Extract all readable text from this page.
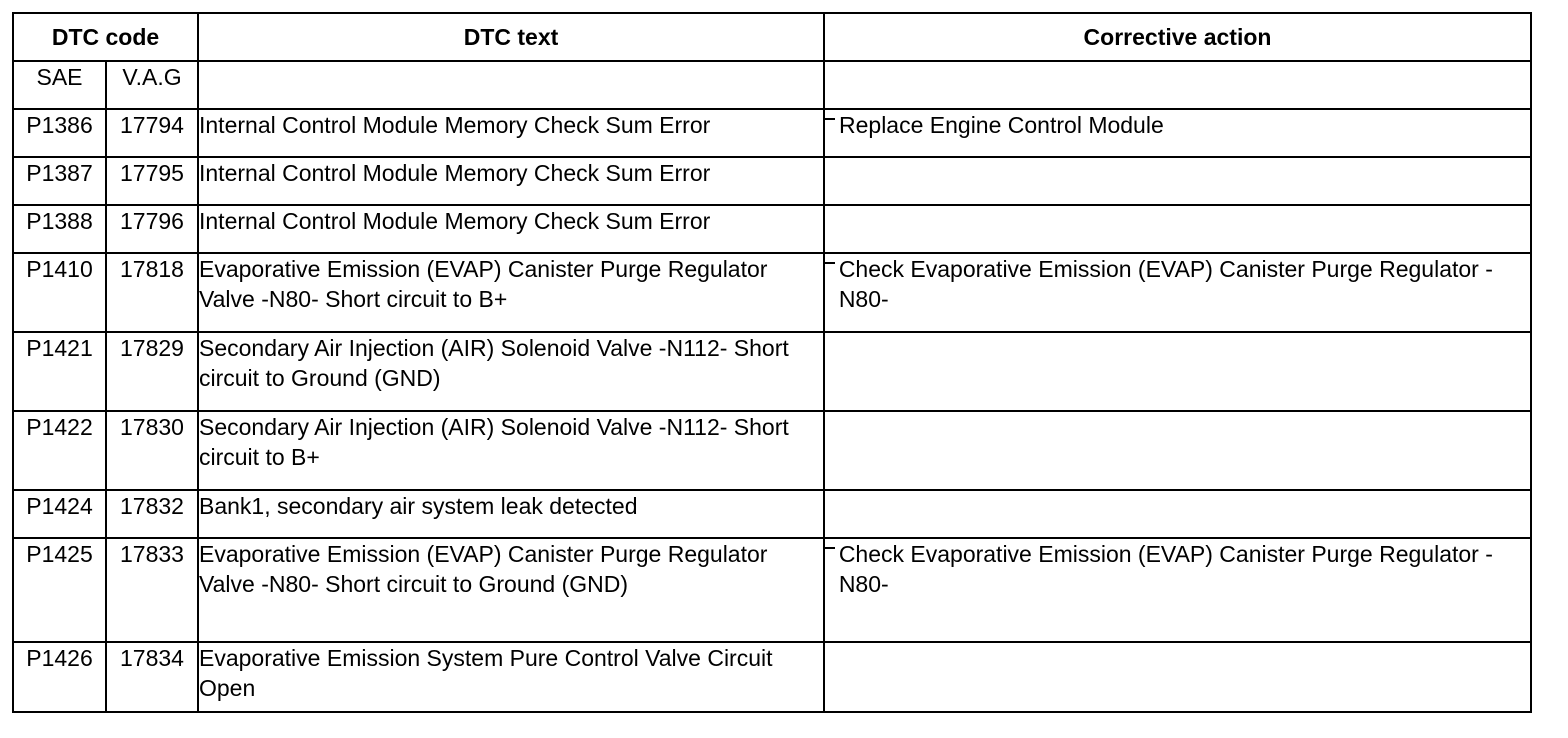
DTC code		DTC text	Corrective action
SAE	V.A.G		
P1386	17794	Internal Control Module Memory Check Sum Error	Replace Engine Control Module

P1387	17795	Internal Control Module Memory Check Sum Error	
P1388	17796	Internal Control Module Memory Check Sum Error	
P1410	17818	Evaporative Emission (EVAP) Canister Purge Regulator Valve -N80- Short circuit to B+	Check Evaporative Emission (EVAP) Canister Purge Regulator -N80-

P1421	17829	Secondary Air Injection (AIR) Solenoid Valve -N112- Short circuit to Ground (GND)	
P1422	17830	Secondary Air Injection (AIR) Solenoid Valve -N112- Short circuit to B+	
P1424	17832	Bank1, secondary air system leak detected	
P1425	17833	Evaporative Emission (EVAP) Canister Purge Regulator Valve -N80- Short circuit to Ground (GND)	Check Evaporative Emission (EVAP) Canister Purge Regulator -N80-

P1426	17834	Evaporative Emission System Pure Control Valve Circuit Open	
